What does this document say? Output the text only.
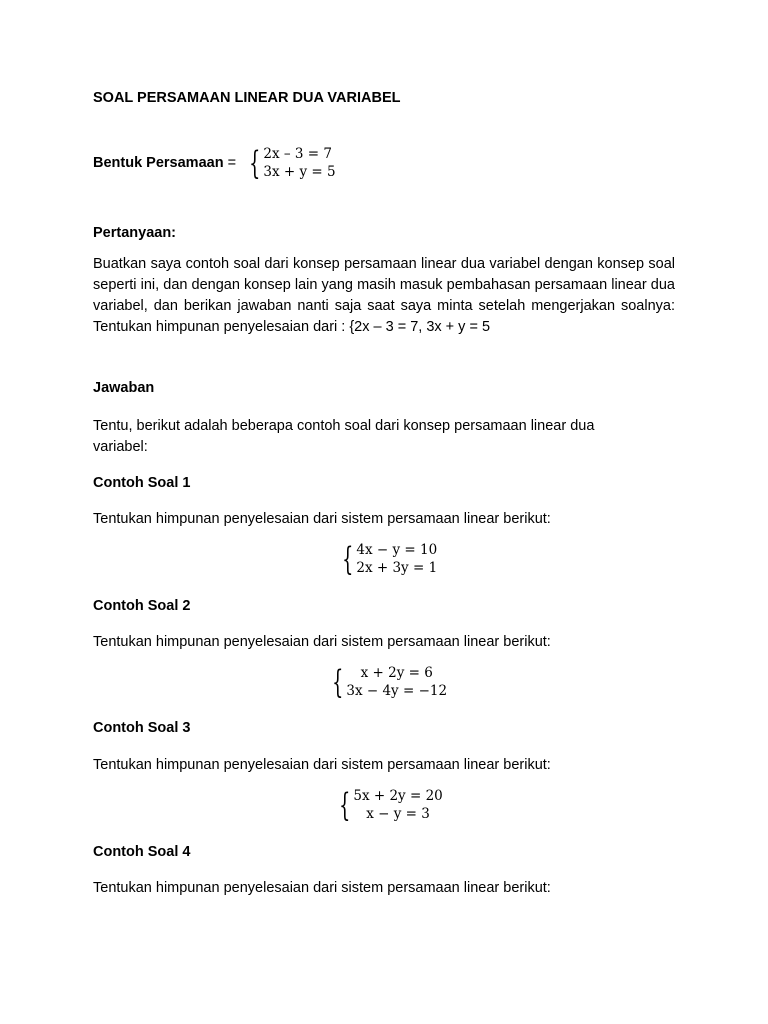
SOAL PERSAMAAN LINEAR DUA VARIABEL
Bentuk Persamaan = { 2x – 3 = 7
3x + y = 5
Pertanyaan:
Buatkan saya contoh soal dari konsep persamaan linear dua variabel dengan konsep soal seperti ini, dan dengan konsep lain yang masih masuk pembahasan persamaan linear dua variabel, dan berikan jawaban nanti saja saat saya minta setelah mengerjakan soalnya: Tentukan himpunan penyelesaian dari : {2x – 3 = 7, 3x + y = 5
Jawaban
Tentu, berikut adalah beberapa contoh soal dari konsep persamaan linear dua variabel:
Contoh Soal 1
Tentukan himpunan penyelesaian dari sistem persamaan linear berikut:
{ 4x − y = 10
2x + 3y = 1
Contoh Soal 2
Tentukan himpunan penyelesaian dari sistem persamaan linear berikut:
{ x + 2y = 6
3x − 4y = −12
Contoh Soal 3
Tentukan himpunan penyelesaian dari sistem persamaan linear berikut:
{ 5x + 2y = 20
x − y = 3
Contoh Soal 4
Tentukan himpunan penyelesaian dari sistem persamaan linear berikut:
